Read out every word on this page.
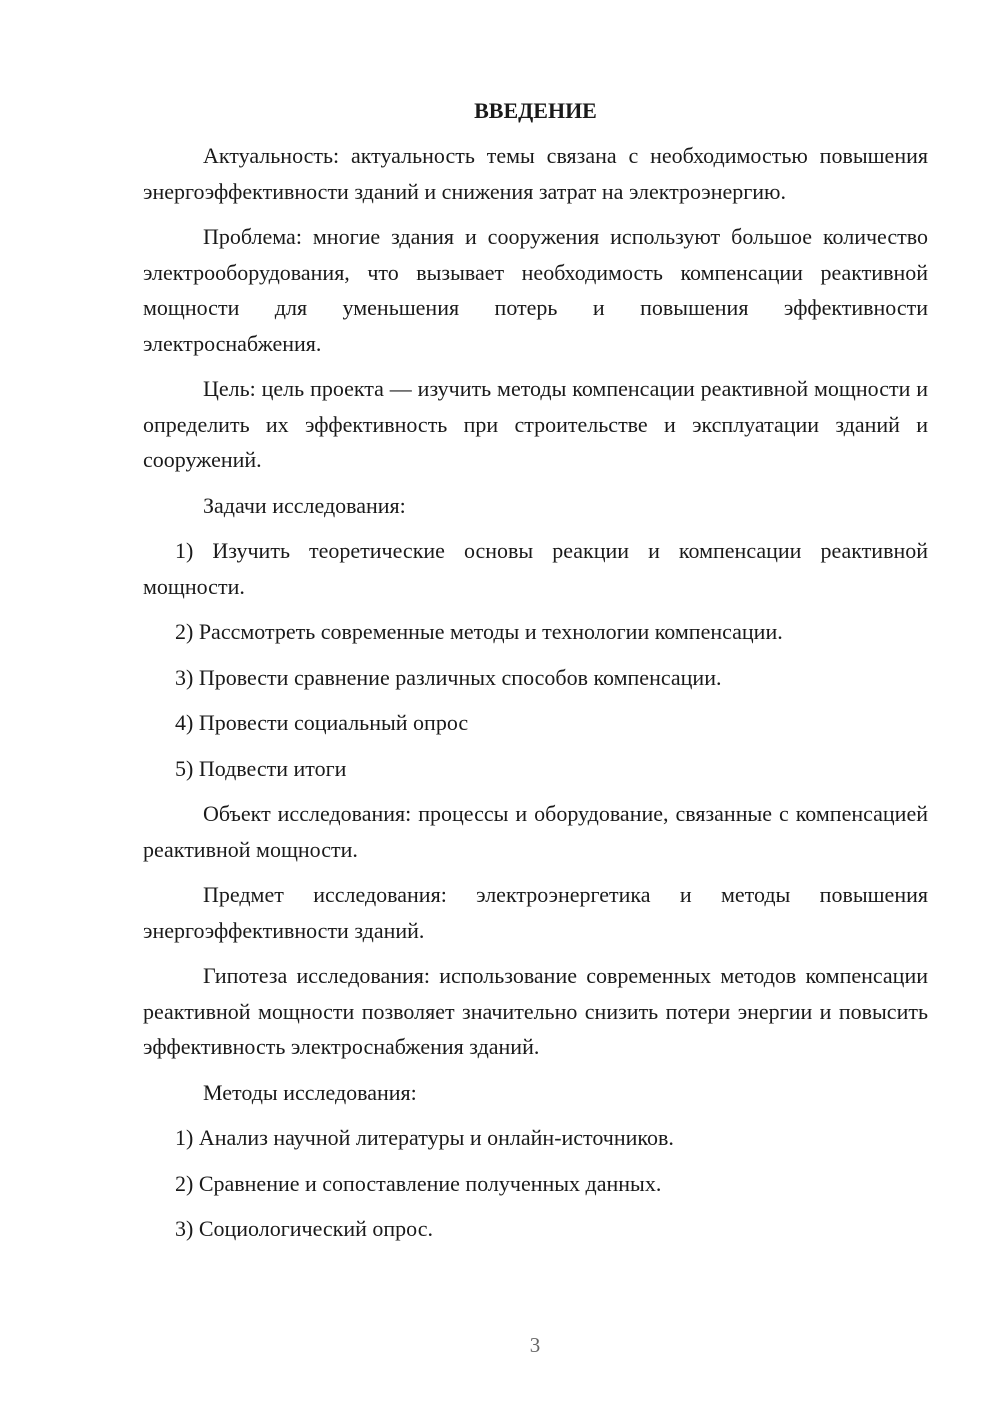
ВВЕДЕНИЕ

Актуальность: актуальность темы связана с необходимостью повышения энергоэффективности зданий и снижения затрат на электроэнергию.

Проблема: многие здания и сооружения используют большое количество электрооборудования, что вызывает необходимость компенсации реактивной мощности для уменьшения потерь и повышения эффективности электроснабжения.

Цель: цель проекта — изучить методы компенсации реактивной мощности и определить их эффективность при строительстве и эксплуатации зданий и сооружений.

Задачи исследования:

1) Изучить теоретические основы реакции и компенсации реактивной мощности.

2) Рассмотреть современные методы и технологии компенсации.

3) Провести сравнение различных способов компенсации.

4) Провести социальный опрос

5) Подвести итоги

Объект исследования: процессы и оборудование, связанные с компенсацией реактивной мощности.

Предмет исследования: электроэнергетика и методы повышения энергоэффективности зданий.

Гипотеза исследования: использование современных методов компенсации реактивной мощности позволяет значительно снизить потери энергии и повысить эффективность электроснабжения зданий.

Методы исследования:

1) Анализ научной литературы и онлайн-источников.

2) Сравнение и сопоставление полученных данных.

3) Социологический опрос.

3
